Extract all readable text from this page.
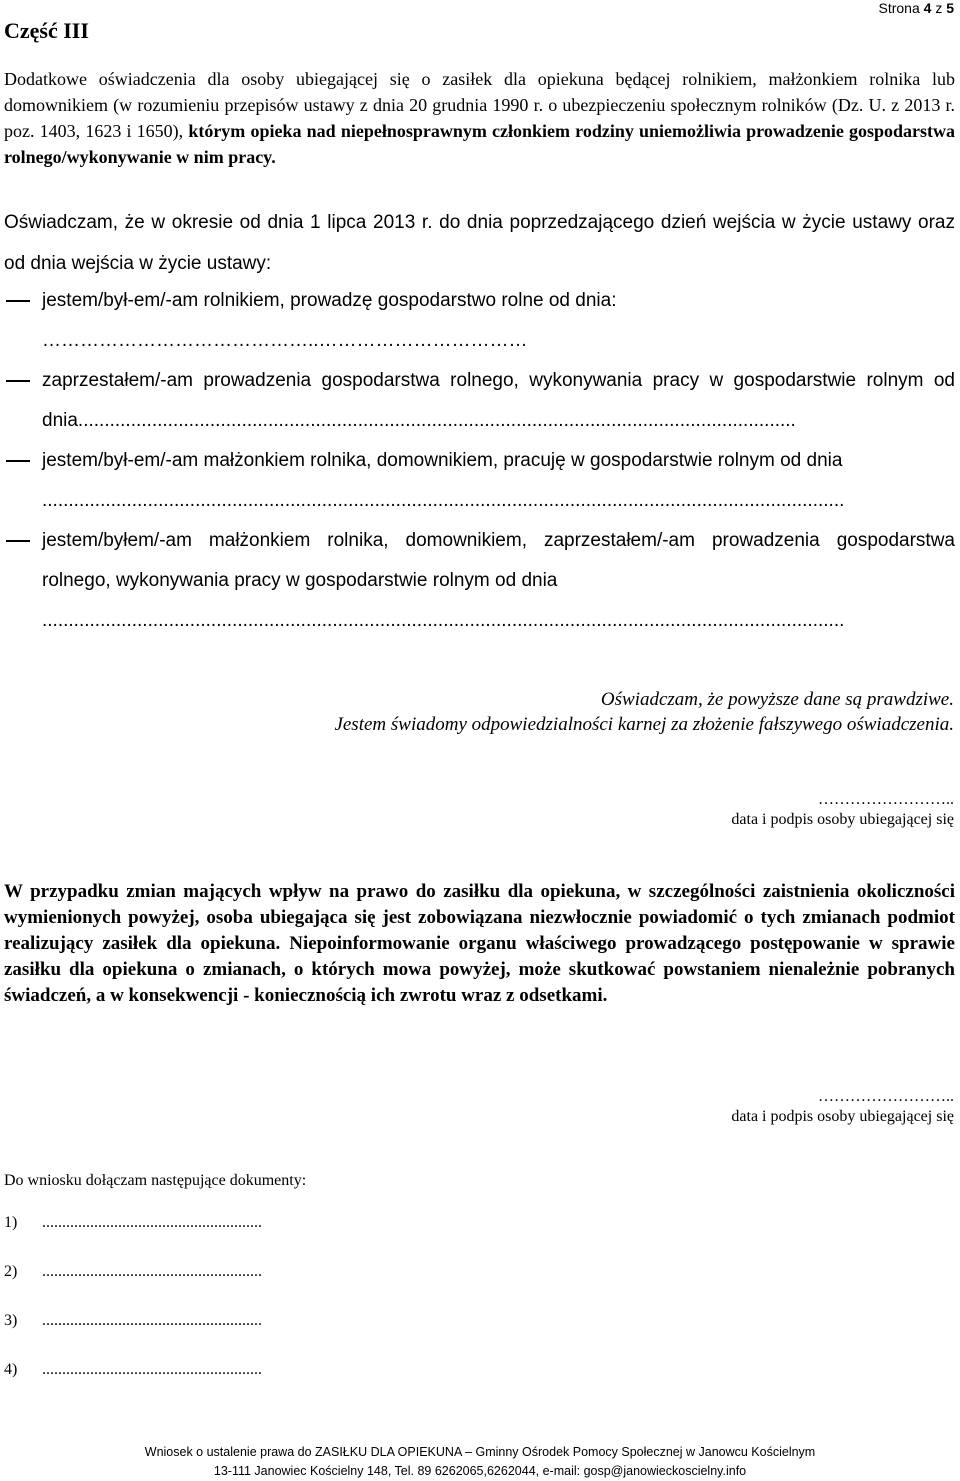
Strona 4 z 5
Część III
Dodatkowe oświadczenia dla osoby ubiegającej się o zasiłek dla opiekuna będącej rolnikiem, małżonkiem rolnika lub domownikiem (w rozumieniu przepisów ustawy z dnia 20 grudnia 1990 r. o ubezpieczeniu społecznym rolników (Dz. U. z 2013 r. poz. 1403, 1623 i 1650), którym opieka nad niepełnosprawnym członkiem rodziny uniemożliwia prowadzenie gospodarstwa rolnego/wykonywanie w nim pracy.
Oświadczam, że w okresie od dnia 1 lipca 2013 r. do dnia poprzedzającego dzień wejścia w życie ustawy oraz od dnia wejścia w życie ustawy:
jestem/był-em/-am rolnikiem, prowadzę gospodarstwo rolne od dnia:
……………………………………..……………………………
zaprzestałem/-am prowadzenia gospodarstwa rolnego, wykonywania pracy w gospodarstwie rolnym od dnia........................................................................................................................................
jestem/był-em/-am małżonkiem rolnika, domownikiem, pracuję w gospodarstwie rolnym od dnia
........................................................................................................................................................
jestem/byłem/-am małżonkiem rolnika, domownikiem, zaprzestałem/-am prowadzenia gospodarstwa rolnego, wykonywania pracy w gospodarstwie rolnym od dnia
........................................................................................................................................................
Oświadczam, że powyższe dane są prawdziwe.
Jestem świadomy odpowiedzialności karnej za złożenie fałszywego oświadczenia.
……………………..
data i podpis osoby ubiegającej się
W przypadku zmian mających wpływ na prawo do zasiłku dla opiekuna, w szczególności zaistnienia okoliczności wymienionych powyżej, osoba ubiegająca się jest zobowiązana niezwłocznie powiadomić o tych zmianach podmiot realizujący zasiłek dla opiekuna. Niepoinformowanie organu właściwego prowadzącego postępowanie w sprawie zasiłku dla opiekuna o zmianach, o których mowa powyżej, może skutkować powstaniem nienależnie pobranych świadczeń, a w konsekwencji - koniecznością ich zwrotu wraz z odsetkami.
……………………..
data i podpis osoby ubiegającej się
Do wniosku dołączam następujące dokumenty:
1) .......................................................
2) .......................................................
3) .......................................................
4) .......................................................
Wniosek o ustalenie prawa do ZASIŁKU DLA OPIEKUNA – Gminny Ośrodek Pomocy Społecznej w Janowcu Kościelnym
13-111 Janowiec Kościelny 148, Tel. 89 6262065,6262044, e-mail: gosp@janowieckoscielny.info
